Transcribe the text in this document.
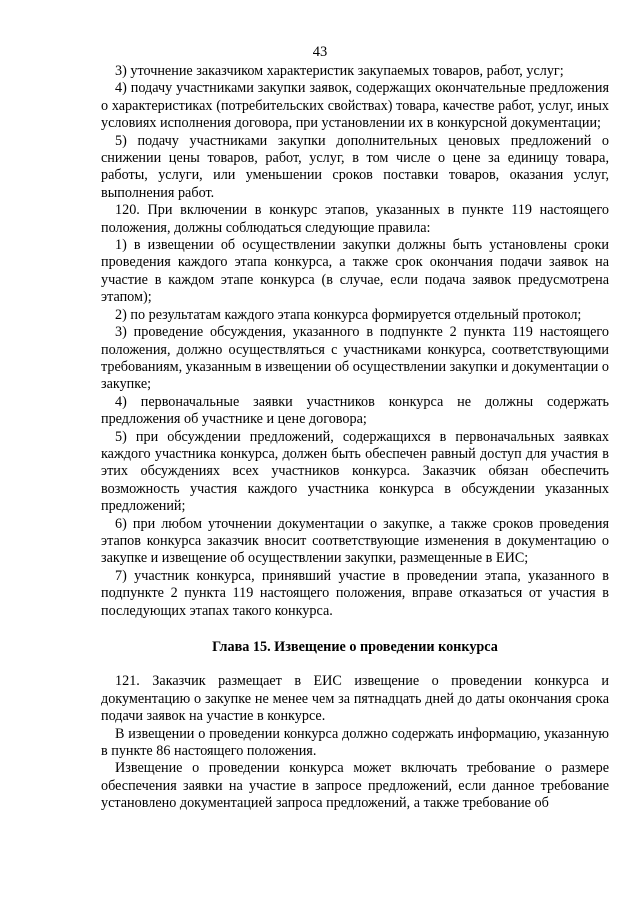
43

3) уточнение заказчиком характеристик закупаемых товаров, работ, услуг;

4) подачу участниками закупки заявок, содержащих окончательные предложения о характеристиках (потребительских свойствах) товара, качестве работ, услуг, иных условиях исполнения договора, при установлении их в конкурсной документации;

5) подачу участниками закупки дополнительных ценовых предложений о снижении цены товаров, работ, услуг, в том числе о цене за единицу товара, работы, услуги, или уменьшении сроков поставки товаров, оказания услуг, выполнения работ.

120. При включении в конкурс этапов, указанных в пункте 119 настоящего положения, должны соблюдаться следующие правила:

1) в извещении об осуществлении закупки должны быть установлены сроки проведения каждого этапа конкурса, а также срок окончания подачи заявок на участие в каждом этапе конкурса (в случае, если подача заявок предусмотрена этапом);

2) по результатам каждого этапа конкурса формируется отдельный протокол;

3) проведение обсуждения, указанного в подпункте 2 пункта 119 настоящего положения, должно осуществляться с участниками конкурса, соответствующими требованиям, указанным в извещении об осуществлении закупки и документации о закупке;

4) первоначальные заявки участников конкурса не должны содержать предложения об участнике и цене договора;

5) при обсуждении предложений, содержащихся в первоначальных заявках каждого участника конкурса, должен быть обеспечен равный доступ для участия в этих обсуждениях всех участников конкурса. Заказчик обязан обеспечить возможность участия каждого участника конкурса в обсуждении указанных предложений;

6) при любом уточнении документации о закупке, а также сроков проведения этапов конкурса заказчик вносит соответствующие изменения в документацию о закупке и извещение об осуществлении закупки, размещенные в ЕИС;

7) участник конкурса, принявший участие в проведении этапа, указанного в подпункте 2 пункта 119 настоящего положения, вправе отказаться от участия в последующих этапах такого конкурса.

Глава 15. Извещение о проведении конкурса

121. Заказчик размещает в ЕИС извещение о проведении конкурса и документацию о закупке не менее чем за пятнадцать дней до даты окончания срока подачи заявок на участие в конкурсе.

В извещении о проведении конкурса должно содержать информацию, указанную в пункте 86 настоящего положения.

Извещение о проведении конкурса может включать требование о размере обеспечения заявки на участие в запросе предложений, если данное требование установлено документацией запроса предложений, а также требование об
